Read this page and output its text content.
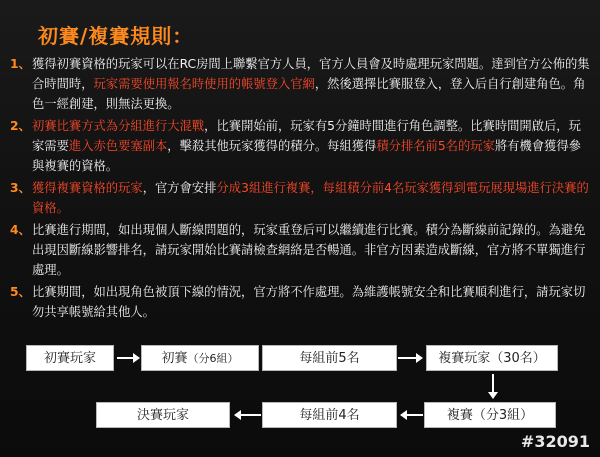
初賽/複賽規則：
1、 獲得初賽資格的玩家可以在RC房間上聯繫官方人員，官方人員會及時處理玩家問題。達到官方公佈的集合時間時，玩家需要使用報名時使用的帳號登入官網，然後選擇比賽服登入，登入后自行創建角色。角色一經創建，則無法更換。
2、 初賽比賽方式為分組進行大混戰，比賽開始前，玩家有5分鐘時間進行角色調整。比賽時間開啟后，玩家需要進入赤色要塞副本，擊殺其他玩家獲得的積分。每組獲得積分排名前5名的玩家將有機會獲得參與複賽的資格。
3、 獲得複賽資格的玩家，官方會安排分成3組進行複賽，每組積分前4名玩家獲得到電玩展現場進行決賽的資格。
4、 比賽進行期間，如出現個人斷線問題的，玩家重登后可以繼續進行比賽。積分為斷線前記錄的。為避免出現因斷線影響排名，請玩家開始比賽請檢查網絡是否暢通。非官方因素造成斷線，官方將不單獨進行處理。
5、 比賽期間，如出現角色被頂下線的情況，官方將不作處理。為維護帳號安全和比賽順利進行，請玩家切勿共享帳號給其他人。
初賽玩家	初賽（分6組）	每組前5名	複賽玩家（30名）
複賽（分3組）
每組前4名
決賽玩家
#32091
